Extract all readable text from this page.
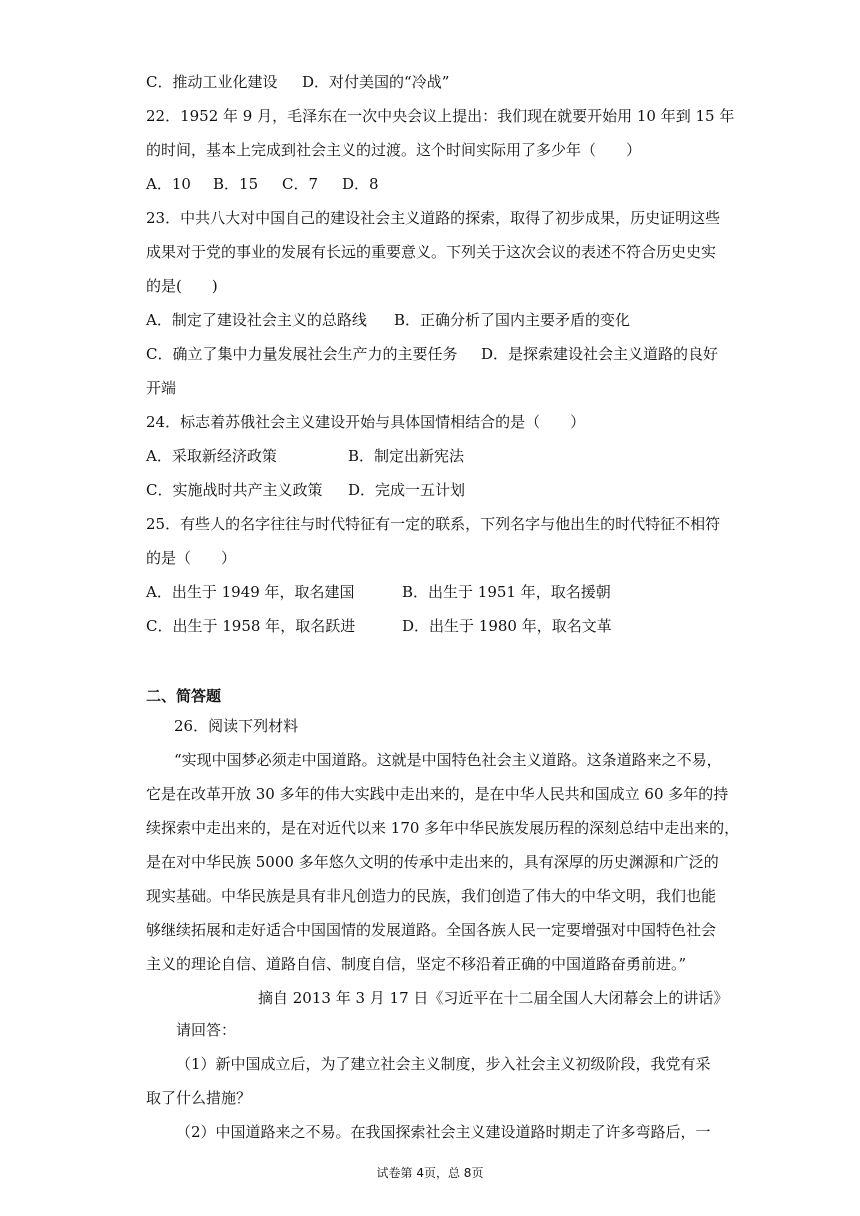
C．推动工业化建设 D．对付美国的“冷战”
22．1952 年 9 月，毛泽东在一次中央会议上提出：我们现在就要开始用 10 年到 15 年
的时间，基本上完成到社会主义的过渡。这个时间实际用了多少年（　　）
A．10 B．15 C．7 D．8
23．中共八大对中国自己的建设社会主义道路的探索，取得了初步成果，历史证明这些
成果对于党的事业的发展有长远的重要意义。下列关于这次会议的表述不符合历史史实
的是(　　)
A．制定了建设社会主义的总路线 B．正确分析了国内主要矛盾的变化
C．确立了集中力量发展社会生产力的主要任务 D．是探索建设社会主义道路的良好
开端
24．标志着苏俄社会主义建设开始与具体国情相结合的是（　　）
A．采取新经济政策	B．制定出新宪法
C．实施战时共产主义政策 D．完成一五计划
25．有些人的名字往往与时代特征有一定的联系，下列名字与他出生的时代特征不相符
的是（　　）
A．出生于 1949 年，取名建国	B．出生于 1951 年，取名援朝
C．出生于 1958 年，取名跃进	D．出生于 1980 年，取名文革
二、简答题
26．阅读下列材料
“实现中国梦必须走中国道路。这就是中国特色社会主义道路。这条道路来之不易，
它是在改革开放 30 多年的伟大实践中走出来的，是在中华人民共和国成立 60 多年的持
续探索中走出来的，是在对近代以来 170 多年中华民族发展历程的深刻总结中走出来的，
是在对中华民族 5000 多年悠久文明的传承中走出来的，具有深厚的历史渊源和广泛的
现实基础。中华民族是具有非凡创造力的民族，我们创造了伟大的中华文明，我们也能
够继续拓展和走好适合中国国情的发展道路。全国各族人民一定要增强对中国特色社会
主义的理论自信、道路自信、制度自信，坚定不移沿着正确的中国道路奋勇前进。”
摘自 2013 年 3 月 17 日《习近平在十二届全国人大闭幕会上的讲话》
请回答：
（1）新中国成立后，为了建立社会主义制度，步入社会主义初级阶段，我党有采
取了什么措施？
（2）中国道路来之不易。在我国探索社会主义建设道路时期走了许多弯路后，一
试卷第 4页，总 8页
